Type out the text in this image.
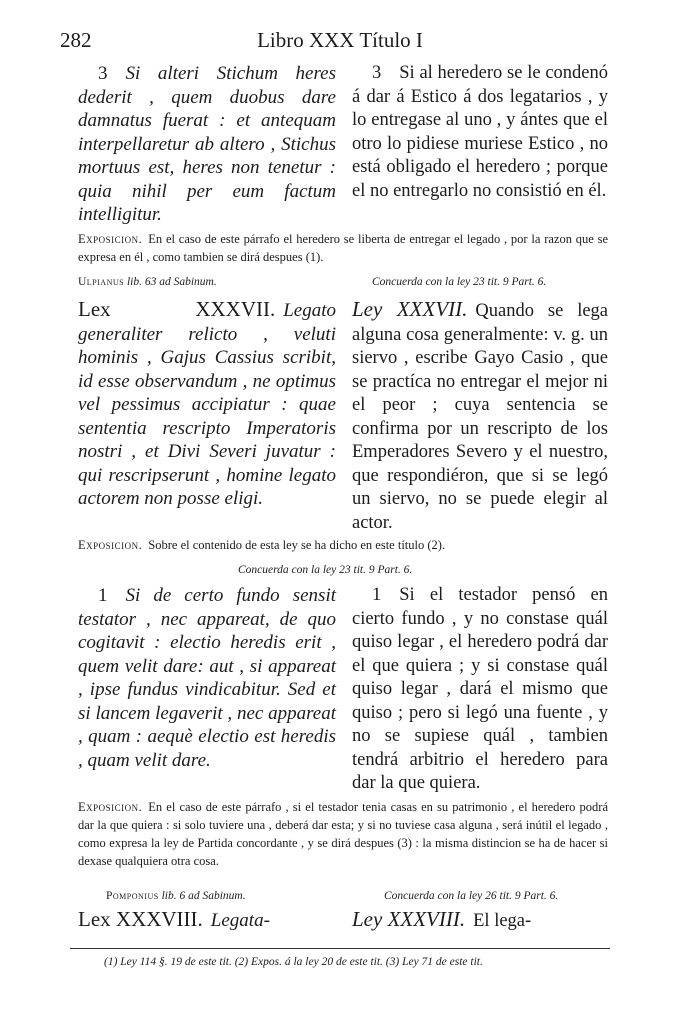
282	Libro XXX Título I
3 Si alteri Stichum heres dederit , quem duobus dare damnatus fuerat : et antequam interpellaretur ab altero , Stichus mortuus est, heres non tenetur : quia nihil per eum factum intelligitur.
3 Si al heredero se le condenó á dar á Estico á dos legatarios , y lo entregase al uno , y ántes que el otro lo pidiese muriese Estico , no está obligado el heredero ; porque el no entregarlo no consistió en él.
Exposicion. En el caso de este párrafo el heredero se liberta de entregar el legado , por la razon que se expresa en él , como tambien se dirá despues (1).
Ulpianus lib. 63 ad Sabinum.	Concuerda con la ley 23 tit. 9 Part. 6.
Lex XXXVII. Legato generaliter relicto , veluti hominis , Gajus Cassius scribit, id esse observandum , ne optimus vel pessimus accipiatur : quae sententia rescripto Imperatoris nostri , et Divi Severi juvatur : qui rescripserunt , homine legato actorem non posse eligi.
Ley XXXVII. Quando se lega alguna cosa generalmente: v. g. un siervo , escribe Gayo Casio , que se practíca no entregar el mejor ni el peor ; cuya sentencia se confirma por un rescripto de los Emperadores Severo y el nuestro, que respondiéron, que si se legó un siervo, no se puede elegir al actor.
Exposicion. Sobre el contenido de esta ley se ha dicho en este título (2).
Concuerda con la ley 23 tit. 9 Part. 6.
1 Si de certo fundo sensit testator , nec appareat, de quo cogitavit : electio heredis erit , quem velit dare: aut , si appareat , ipse fundus vindicabitur. Sed et si lancem legaverit , nec appareat , quam : aequè electio est heredis , quam velit dare.
1 Si el testador pensó en cierto fundo , y no constase quál quiso legar , el heredero podrá dar el que quiera ; y si constase quál quiso legar , dará el mismo que quiso ; pero si legó una fuente , y no se supiese quál , tambien tendrá arbitrio el heredero para dar la que quiera.
Exposicion. En el caso de este párrafo , si el testador tenia casas en su patrimonio , el heredero podrá dar la que quiera : si solo tuviere una , deberá dar esta; y si no tuviese casa alguna , será inútil el legado , como expresa la ley de Partida concordante , y se dirá despues (3) : la misma distincion se ha de hacer si dexase qualquiera otra cosa.
Pomponius lib. 6 ad Sabinum.	Concuerda con la ley 26 tit. 9 Part. 6.
Lex XXXVIII. Legata-	Ley XXXVIII. El lega-
(1) Ley 114 §. 19 de este tit. (2) Expos. á la ley 20 de este tit. (3) Ley 71 de este tit.
